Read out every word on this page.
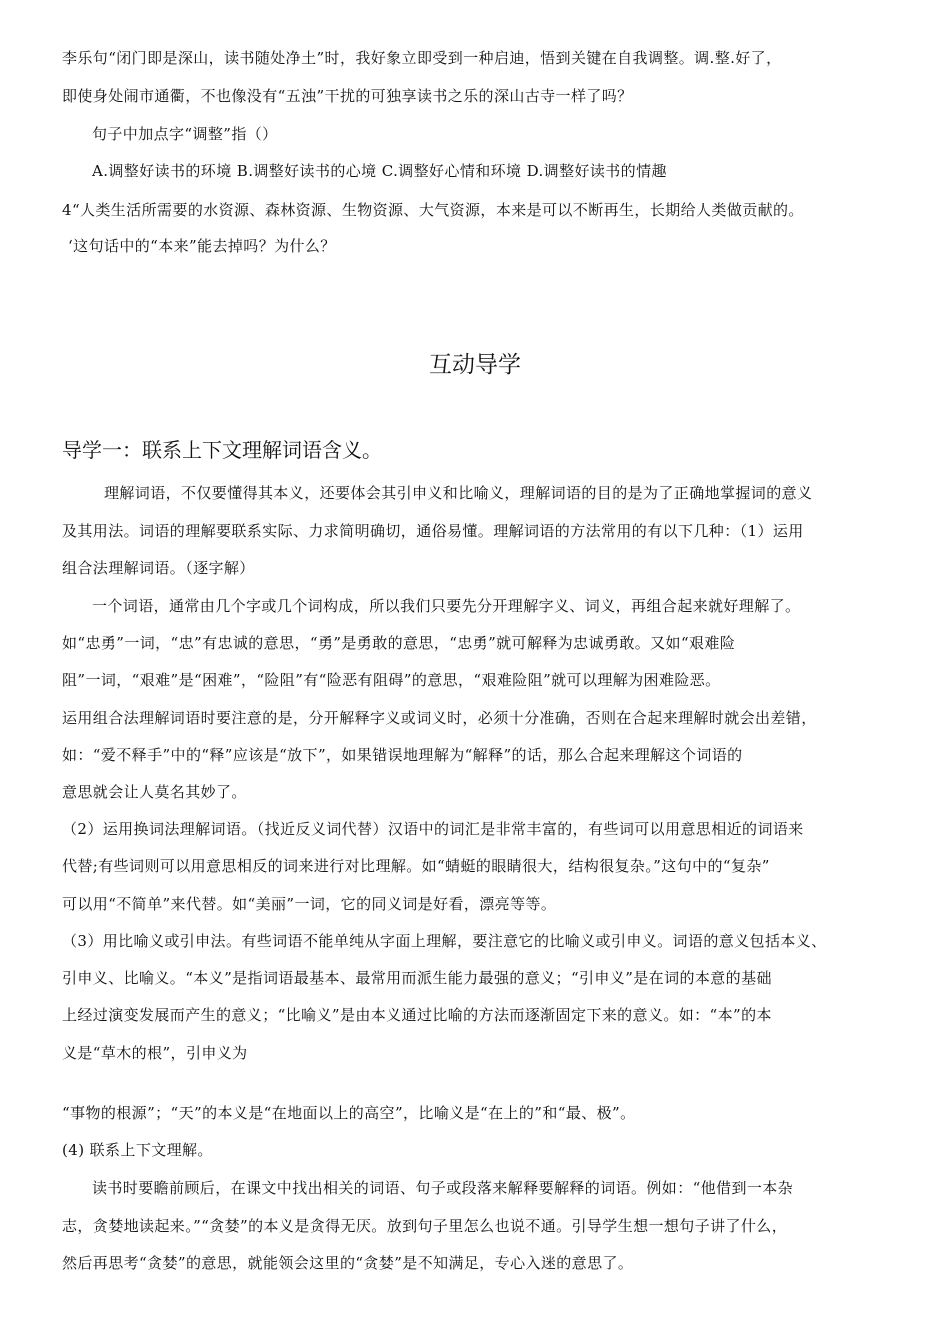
李乐句“闭门即是深山，读书随处净土”时，我好象立即受到一种启迪，悟到关键在自我调整。调.整.好了，
即使身处闹市通衢，不也像没有“五浊”干扰的可独享读书之乐的深山古寺一样了吗？
句子中加点字“调整”指（）
A.调整好读书的环境 B.调整好读书的心境 C.调整好心情和环境 D.调整好读书的情趣
4“人类生活所需要的水资源、森林资源、生物资源、大气资源，本来是可以不断再生，长期给人类做贡献的。
‘这句话中的“本来”能去掉吗？为什么？
互动导学
导学一：联系上下文理解词语含义。
理解词语，不仅要懂得其本义，还要体会其引申义和比喻义，理解词语的目的是为了正确地掌握词的意义
及其用法。词语的理解要联系实际、力求简明确切，通俗易懂。理解词语的方法常用的有以下几种：（1）运用
组合法理解词语。（逐字解）
一个词语，通常由几个字或几个词构成，所以我们只要先分开理解字义、词义，再组合起来就好理解了。
如“忠勇”一词，“忠”有忠诚的意思，“勇”是勇敢的意思，“忠勇”就可解释为忠诚勇敢。又如“艰难险
阻”一词，“艰难”是“困难”，“险阻”有“险恶有阻碍”的意思，“艰难险阻”就可以理解为困难险恶。
运用组合法理解词语时要注意的是，分开解释字义或词义时，必须十分准确，否则在合起来理解时就会出差错，
如：“爱不释手”中的“释”应该是“放下”，如果错误地理解为“解释”的话，那么合起来理解这个词语的
意思就会让人莫名其妙了。
（2）运用换词法理解词语。（找近反义词代替）汉语中的词汇是非常丰富的，有些词可以用意思相近的词语来
代替;有些词则可以用意思相反的词来进行对比理解。如“蜻蜓的眼睛很大，结构很复杂。”这句中的“复杂”
可以用“不简单”来代替。如“美丽”一词，它的同义词是好看，漂亮等等。
（3）用比喻义或引申法。有些词语不能单纯从字面上理解，要注意它的比喻义或引申义。词语的意义包括本义、
引申义、比喻义。“本义”是指词语最基本、最常用而派生能力最强的意义；“引申义”是在词的本意的基础
上经过演变发展而产生的意义；“比喻义”是由本义通过比喻的方法而逐渐固定下来的意义。如：“本”的本
义是“草木的根”，引申义为
“事物的根源”；“天”的本义是“在地面以上的高空”，比喻义是“在上的”和“最、极”。
(4) 联系上下文理解。
读书时要瞻前顾后，在课文中找出相关的词语、句子或段落来解释要解释的词语。例如：“他借到一本杂
志，贪婪地读起来。”“贪婪”的本义是贪得无厌。放到句子里怎么也说不通。引导学生想一想句子讲了什么，
然后再思考“贪婪”的意思，就能领会这里的“贪婪”是不知满足，专心入迷的意思了。
